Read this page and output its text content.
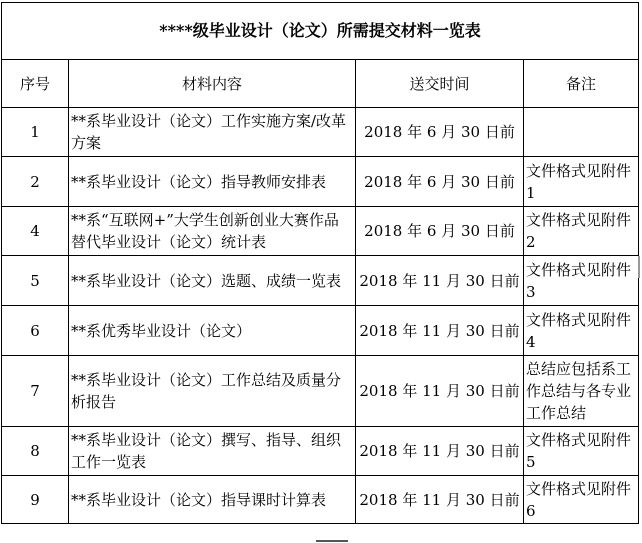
****级毕业设计（论文）所需提交材料一览表			
序号	材料内容	送交时间	备注
1	**系毕业设计（论文）工作实施方案/改革方案	2018 年 6 月 30 日前	
2	**系毕业设计（论文）指导教师安排表	2018 年 6 月 30 日前	文件格式见附件 1
4	**系“互联网+”大学生创新创业大赛作品替代毕业设计（论文）统计表	2018 年 6 月 30 日前	文件格式见附件 2
5	**系毕业设计（论文）选题、成绩一览表	2018 年 11 月 30 日前	文件格式见附件 3
6	**系优秀毕业设计（论文）	2018 年 11 月 30 日前	文件格式见附件 4
7	**系毕业设计（论文）工作总结及质量分析报告	2018 年 11 月 30 日前	总结应包括系工作总结与各专业工作总结
8	**系毕业设计（论文）撰写、指导、组织工作一览表	2018 年 11 月 30 日前	文件格式见附件 5
9	**系毕业设计（论文）指导课时计算表	2018 年 11 月 30 日前	文件格式见附件 6
